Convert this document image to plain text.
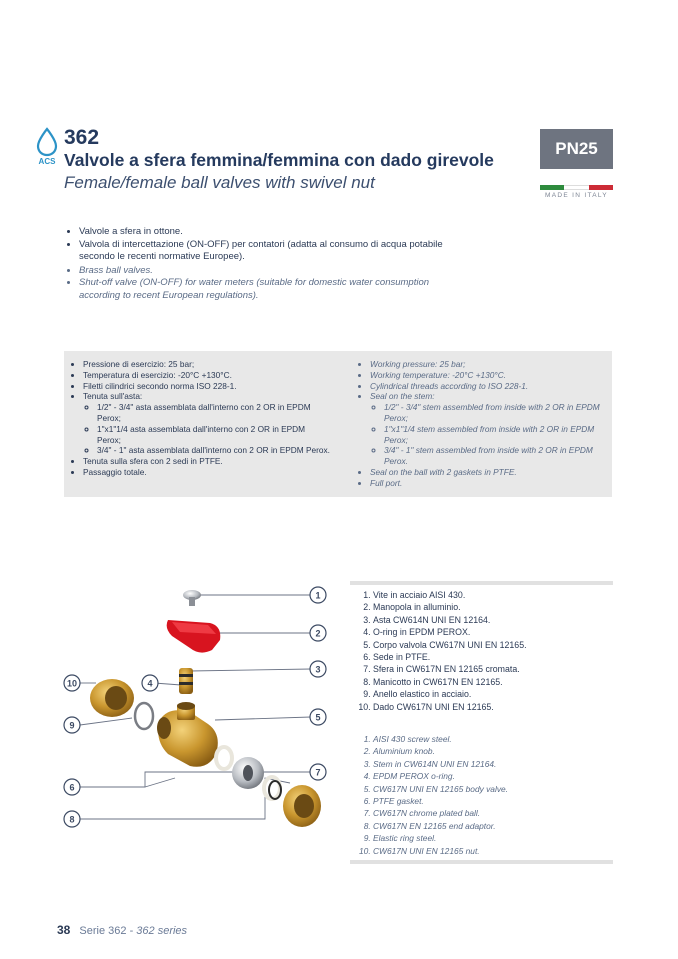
ACS
362
Valvole a sfera femmina/femmina con dado girevole
Female/female ball valves with swivel nut
PN25
MADE IN ITALY
• Valvole a sfera in ottone.
• Valvola di intercettazione (ON-OFF) per contatori (adatta al consumo di acqua potabile secondo le recenti normative Europee).
• Brass ball valves.
• Shut-off valve (ON-OFF) for water meters (suitable for domestic water consumption according to recent European regulations).
• Pressione di esercizio: 25 bar;
• Temperatura di esercizio: -20°C +130°C.
• Filetti cilindrici secondo norma ISO 228-1.
• Tenuta sull'asta:
◦ 1/2" - 3/4" asta assemblata dall'interno con 2 OR in EPDM Perox;
◦ 1"x1"1/4 asta assemblata dall'interno con 2 OR in EPDM Perox;
◦ 3/4" - 1" asta assemblata dall'interno con 2 OR in EPDM Perox.
• Tenuta sulla sfera con 2 sedi in PTFE.
• Passaggio totale.
• Working pressure: 25 bar;
• Working temperature: -20°C +130°C.
• Cylindrical threads according to ISO 228-1.
• Seal on the stem:
◦ 1/2" - 3/4" stem assembled from inside with 2 OR in EPDM Perox;
◦ 1"x1"1/4 stem assembled from inside with 2 OR in EPDM Perox;
◦ 3/4" - 1" stem assembled from inside with 2 OR in EPDM Perox.
• Seal on the ball with 2 gaskets in PTFE.
• Full port.
1
2
3
4
5
6
7
8
9
10
1. Vite in acciaio AISI 430.
2. Manopola in alluminio.
3. Asta CW614N UNI EN 12164.
4. O-ring in EPDM PEROX.
5. Corpo valvola CW617N UNI EN 12165.
6. Sede in PTFE.
7. Sfera in CW617N EN 12165 cromata.
8. Manicotto in CW617N EN 12165.
9. Anello elastico in acciaio.
10. Dado CW617N UNI EN 12165.
1. AISI 430 screw steel.
2. Aluminium knob.
3. Stem in CW614N UNI EN 12164.
4. EPDM PEROX o-ring.
5. CW617N UNI EN 12165 body valve.
6. PTFE gasket.
7. CW617N chrome plated ball.
8. CW617N EN 12165 end adaptor.
9. Elastic ring steel.
10. CW617N UNI EN 12165 nut.
38 Serie 362 - 362 series
